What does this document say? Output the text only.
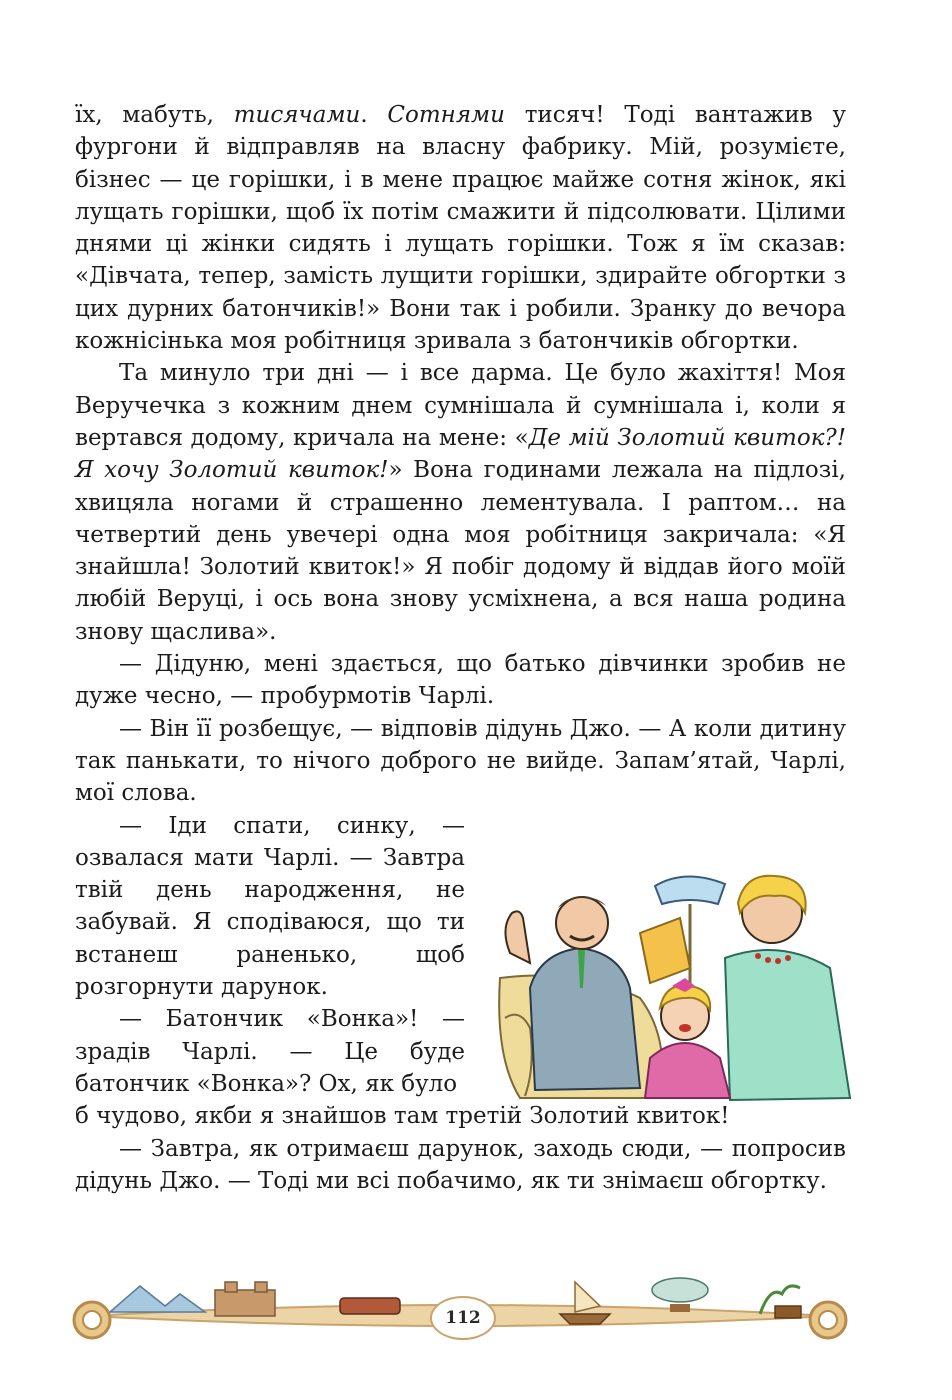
їх, мабуть, тисячами. Сотнями тисяч! Тоді вантажив у фургони й відправляв на власну фабрику. Мій, розумієте, бізнес — це горішки, і в мене працює майже сотня жінок, які лущать горішки, щоб їх потім смажити й підсолювати. Цілими днями ці жінки сидять і лущать горішки. Тож я їм сказав: «Дівчата, тепер, замість лущити горішки, здирайте обгортки з цих дурних батончиків!» Вони так і робили. Зранку до вечора кожнісінька моя робітниця зривала з батончиків обгортки.

Та минуло три дні — і все дарма. Це було жахіття! Моя Веручечка з кожним днем сумнішала й сумнішала і, коли я вертався додому, кричала на мене: «Де мій Золотий квиток?! Я хочу Золотий квиток!» Вона годинами лежала на підлозі, хвицяла ногами й страшенно лементувала. І раптом… на четвертий день увечері одна моя робітниця закричала: «Я знайшла! Золотий квиток!» Я побіг додому й віддав його моїй любій Веруці, і ось вона знову усміхнена, а вся наша родина знову щаслива».

— Дідуню, мені здається, що батько дівчинки зробив не дуже чесно, — пробурмотів Чарлі.

— Він її розбещує, — відповів дідунь Джо. — А коли дитину так панькати, то нічого доброго не вийде. Запам’ятай, Чарлі, мої слова.

— Іди спати, синку, — озвалася мати Чарлі. — Завтра твій день народження, не забувай. Я сподіваюся, що ти встанеш раненько, щоб розгорнути дарунок.

— Батончик «Вонка»! — зрадів Чарлі. — Це буде батончик «Вонка»? Ох, як було

б чудово, якби я знайшов там третій Золотий квиток!

— Завтра, як отримаєш дарунок, заходь сюди, — попросив дідунь Джо. — Тоді ми всі побачимо, як ти знімаєш обгортку.

112
